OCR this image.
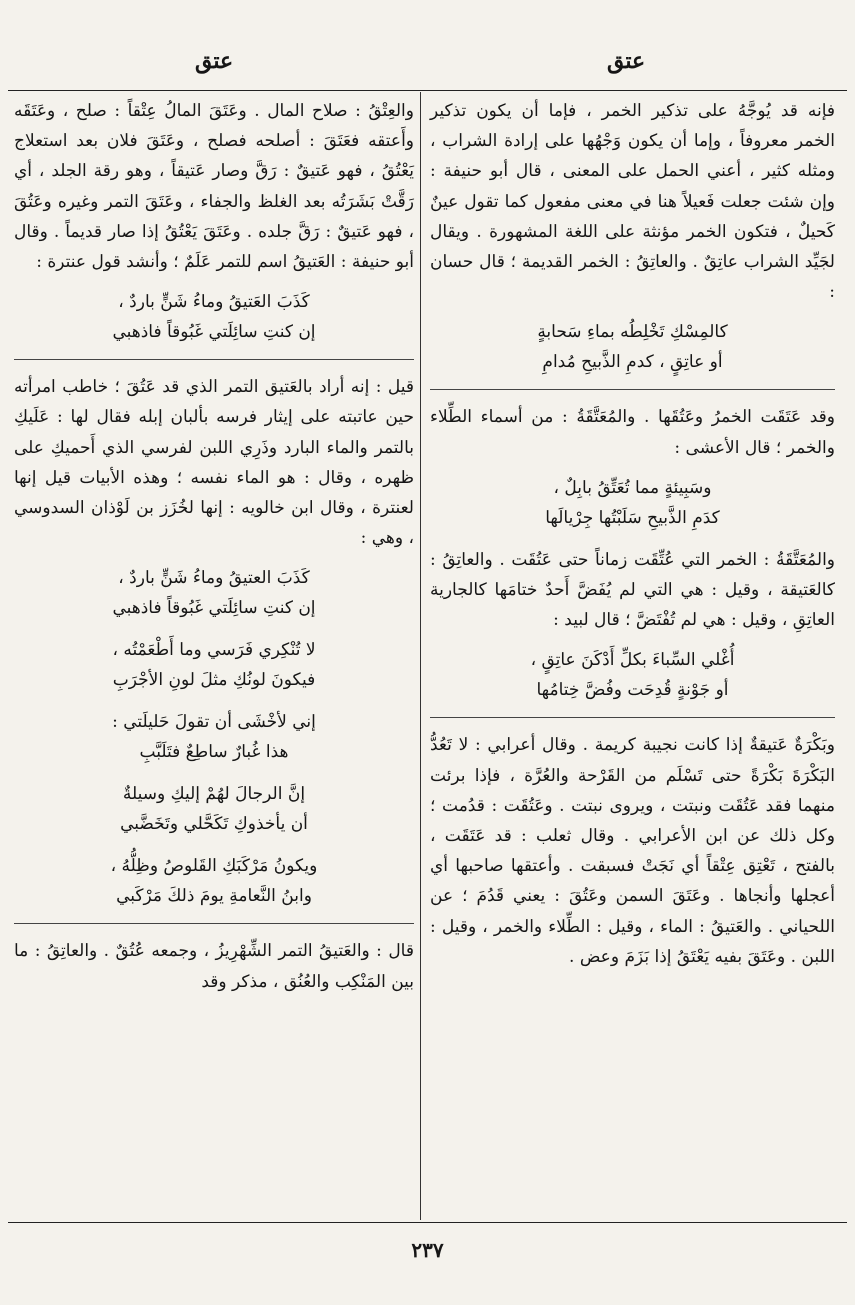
عتق
عتق

فإنه قد يُوجَّهُ على تذكير الخمر ، فإما أن يكون تذكير الخمر معروفاً ، وإما أن يكون وَجْهُها على إرادة الشراب ، ومثله كثير ، أعني الحمل على المعنى ، قال أبو حنيفة : وإن شئت جعلت فَعيلاً هنا في معنى مفعول كما تقول عينٌ كَحيلٌ ، فتكون الخمر مؤنثة على اللغة المشهورة . ويقال لجَيِّد الشراب عاتِقٌ . والعاتِقُ : الخمر القديمة ؛ قال حسان :

كالمِسْكِ تَخْلِطُه بماءِ سَحابةٍ
أو عاتِقٍ ، كدمِ الذَّبيحِ مُدامِ

وقد عَتَقَت الخمرُ وعَتُقَها . والمُعَتَّقَةُ : من أسماء الطِّلاء والخمر ؛ قال الأعشى :

وسَبِيئةٍ مما تُعَتِّقُ بابِلٌ ،
كدَمِ الذَّبيحِ سَلَبْتُها جِرْيالَها

والمُعَتَّقَةُ : الخمر التي عُتِّقَت زماناً حتى عَتُقَت . والعاتِقُ : كالعَتيقة ، وقيل : هي التي لم يُفَضَّ أَحدٌ ختامَها كالجارية العاتِقِ ، وقيل : هي لم تُفْتَضَّ ؛ قال لبيد :

أُغْلي السِّباءَ بكلِّ أَدْكَنَ عاتِقٍ ،
أو جَوْنةٍ قُدِحَت وفُضَّ خِتامُها

وبَكْرَةٌ عَتيقةٌ إذا كانت نجيبة كريمة . وقال أعرابي : لا تَعُدُّ البَكْرَةَ بَكْرَةً حتى تَسْلَم من القَرْحة والعُرَّة ، فإذا برئت منهما فقد عَتُقَت ونبتت ، ويروى نبتت . وعَتُقَت : قدُمت ؛ وكل ذلك عن ابن الأعرابي . وقال ثعلب : قد عَتَقَت ، بالفتح ، تَعْتِق عِتْقاً أي نَجَتْ فسبقت . وأعتقها صاحبها أي أعجلها وأنجاها . وعَتَقَ السمن وعَتُقَ : يعني قَدُمَ ؛ عن اللحياني . والعَتيقُ : الماء ، وقيل : الطِّلاء والخمر ، وقيل : اللبن . وعَتَقَ بفيه يَعْتَقُ إذا بَزَمَ وعض .

والعِتْقُ : صلاح المال . وعَتَقَ المالُ عِتْقاً : صلح ، وعَتَقَه وأَعتقه فعَتَقَ : أصلحه فصلح ، وعَتَقَ فلان بعد استعلاج يَعْتُقُ ، فهو عَتيقٌ : رَقَّ وصار عَتيقاً ، وهو رقة الجلد ، أي رَقَّتْ بَشَرَتُه بعد الغلظ والجفاء ، وعَتَقَ التمر وغيره وعَتُقَ ، فهو عَتيقٌ : رَقَّ جلده . وعَتَقَ يَعْتُقُ إذا صار قديماً . وقال أبو حنيفة : العَتيقُ اسم للتمر عَلَمٌ ؛ وأنشد قول عنترة :

كَذَبَ العَتيقُ وماءُ شَنٍّ باردٌ ،
إن كنتِ سائِلَتي غَبُوقاً فاذهبي

قيل : إنه أراد بالعَتيق التمر الذي قد عَتُقَ ؛ خاطب امرأته حين عاتبته على إيثار فرسه بألبان إبله فقال لها : عَلَيكِ بالتمر والماء البارد وذَرِي اللبن لفرسي الذي أَحميكِ على ظهره ، وقال : هو الماء نفسه ؛ وهذه الأبيات قيل إنها لعنترة ، وقال ابن خالويه : إنها لخُزَز بن لَوْذان السدوسي ، وهي :

كَذَبَ العتيقُ وماءُ شَنٍّ باردٌ ،
إن كنتِ سائِلَتي غَبُوقاً فاذهبي
لا تُنْكِري فَرَسي وما أَطْعَمْتُه ،
فيكونَ لونُكِ مثلَ لونِ الأجْرَبِ
إني لأخْشَى أن تقولَ حَليلَتي :
هذا غُبارٌ ساطِعٌ فتَلَبَّبِ
إنَّ الرجالَ لهُمْ إليكِ وسيلةٌ
أن يأخذوكِ تَكَحَّلي وتَخَضَّبي
ويكونُ مَرْكَبَكِ القَلوصُ وظِلُّهُ ،
وابنُ النَّعامةِ يومَ ذلكَ مَرْكَبي

قال : والعَتيقُ التمر الشِّهْرِيزُ ، وجمعه عُتُقٌ . والعاتِقُ : ما بين المَنْكِب والعُنُق ، مذكر وقد

٢٣٧
